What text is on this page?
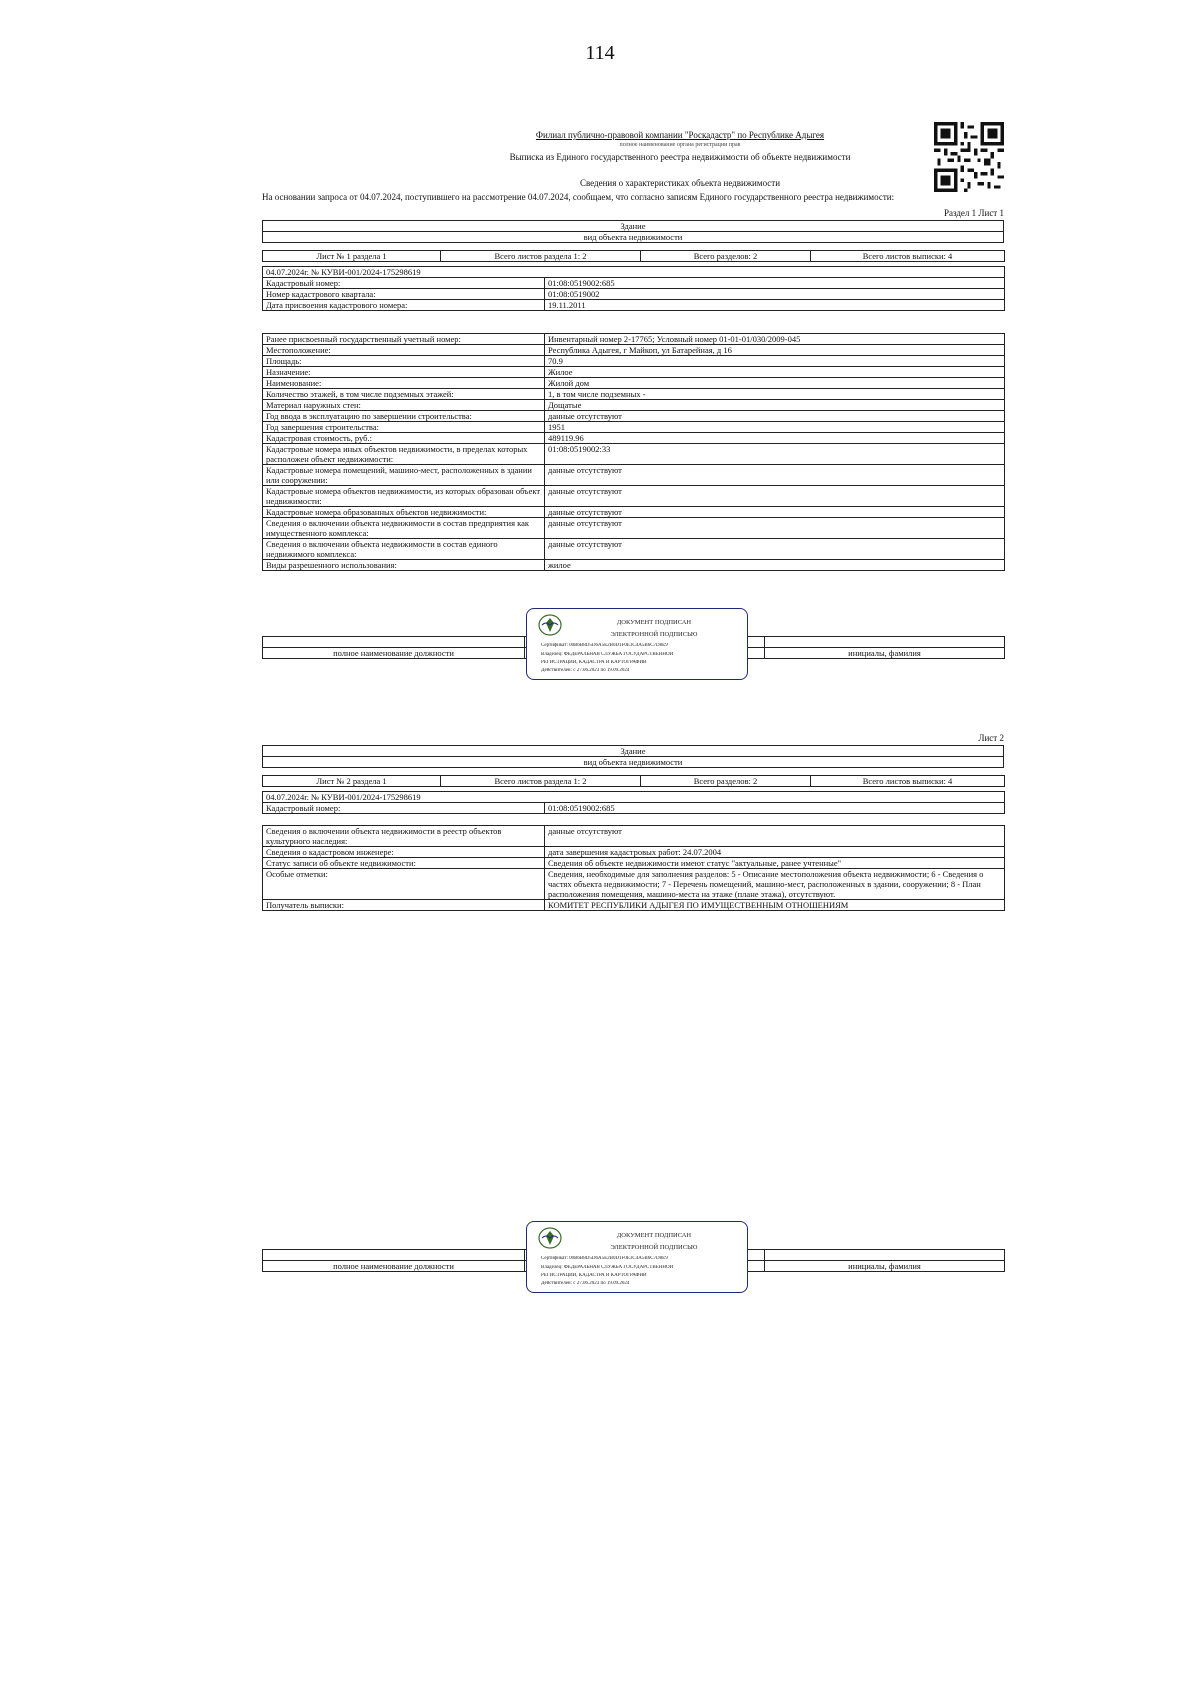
114
Филиал публично-правовой компании "Роскадастр" по Республике Адыгея
полное наименование органа регистрации прав
Выписка из Единого государственного реестра недвижимости об объекте недвижимости
Сведения о характеристиках объекта недвижимости
На основании запроса от 04.07.2024, поступившего на рассмотрение 04.07.2024, сообщаем, что согласно записям Единого государственного реестра недвижимости:
Раздел 1 Лист 1
Здание
вид объекта недвижимости
Лист № 1 раздела 1	Всего листов раздела 1: 2	Всего разделов: 2	Всего листов выписки: 4
04.07.2024г. № КУВИ-001/2024-175298619	
Кадастровый номер:	01:08:0519002:685
Номер кадастрового квартала:	01:08:0519002
Дата присвоения кадастрового номера:	19.11.2011
Ранее присвоенный государственный учетный номер:	Инвентарный номер 2-17765; Условный номер 01-01-01/030/2009-045
Местоположение:	Республика Адыгея, г Майкоп, ул Батарейная, д 16
Площадь:	70.9
Назначение:	Жилое
Наименование:	Жилой дом
Количество этажей, в том числе подземных этажей:	1, в том числе подземных -
Материал наружных стен:	Дощатые
Год ввода в эксплуатацию по завершении строительства:	данные отсутствуют
Год завершения строительства:	1951
Кадастровая стоимость, руб.:	489119.96
Кадастровые номера иных объектов недвижимости, в пределах которых расположен объект недвижимости:	01:08:0519002:33
Кадастровые номера помещений, машино-мест, расположенных в здании или сооружении:	данные отсутствуют
Кадастровые номера объектов недвижимости, из которых образован объект недвижимости:	данные отсутствуют
Кадастровые номера образованных объектов недвижимости:	данные отсутствуют
Сведения о включении объекта недвижимости в состав предприятия как имущественного комплекса:	данные отсутствуют
Сведения о включении объекта недвижимости в состав единого недвижимого комплекса:	данные отсутствуют
Виды разрешенного использования:	жилое

полное наименование должности		инициалы, фамилия
ДОКУМЕНТ ПОДПИСАН
ЭЛЕКТРОННОЙ ПОДПИСЬЮ
Сертификат: 00B6B8D5D6A5E2B0D1F0E3C4A5B6C7D8E9
Владелец: ФЕДЕРАЛЬНАЯ СЛУЖБА ГОСУДАРСТВЕННОЙ
РЕГИСТРАЦИИ, КАДАСТРА И КАРТОГРАФИИ
Действителен: с 27.06.2023 по 19.09.2024
Лист 2
Здание
вид объекта недвижимости
Лист № 2 раздела 1	Всего листов раздела 1: 2	Всего разделов: 2	Всего листов выписки: 4
04.07.2024г. № КУВИ-001/2024-175298619
Кадастровый номер:	01:08:0519002:685
Сведения о включении объекта недвижимости в реестр объектов культурного наследия:	данные отсутствуют
Сведения о кадастровом инженере:	дата завершения кадастровых работ: 24.07.2004
Статус записи об объекте недвижимости:	Сведения об объекте недвижимости имеют статус "актуальные, ранее учтенные"
Особые отметки:	Сведения, необходимые для заполнения разделов: 5 - Описание местоположения объекта недвижимости; 6 - Сведения о частях объекта недвижимости; 7 - Перечень помещений, машино-мест, расположенных в здании, сооружении; 8 - План расположения помещения, машино-места на этаже (плане этажа), отсутствуют.
Получатель выписки:	КОМИТЕТ РЕСПУБЛИКИ АДЫГЕЯ ПО ИМУЩЕСТВЕННЫМ ОТНОШЕНИЯМ

полное наименование должности		инициалы, фамилия
ДОКУМЕНТ ПОДПИСАН
ЭЛЕКТРОННОЙ ПОДПИСЬЮ
Сертификат: 00B6B8D5D6A5E2B0D1F0E3C4A5B6C7D8E9
Владелец: ФЕДЕРАЛЬНАЯ СЛУЖБА ГОСУДАРСТВЕННОЙ
РЕГИСТРАЦИИ, КАДАСТРА И КАРТОГРАФИИ
Действителен: с 27.06.2023 по 19.09.2024
